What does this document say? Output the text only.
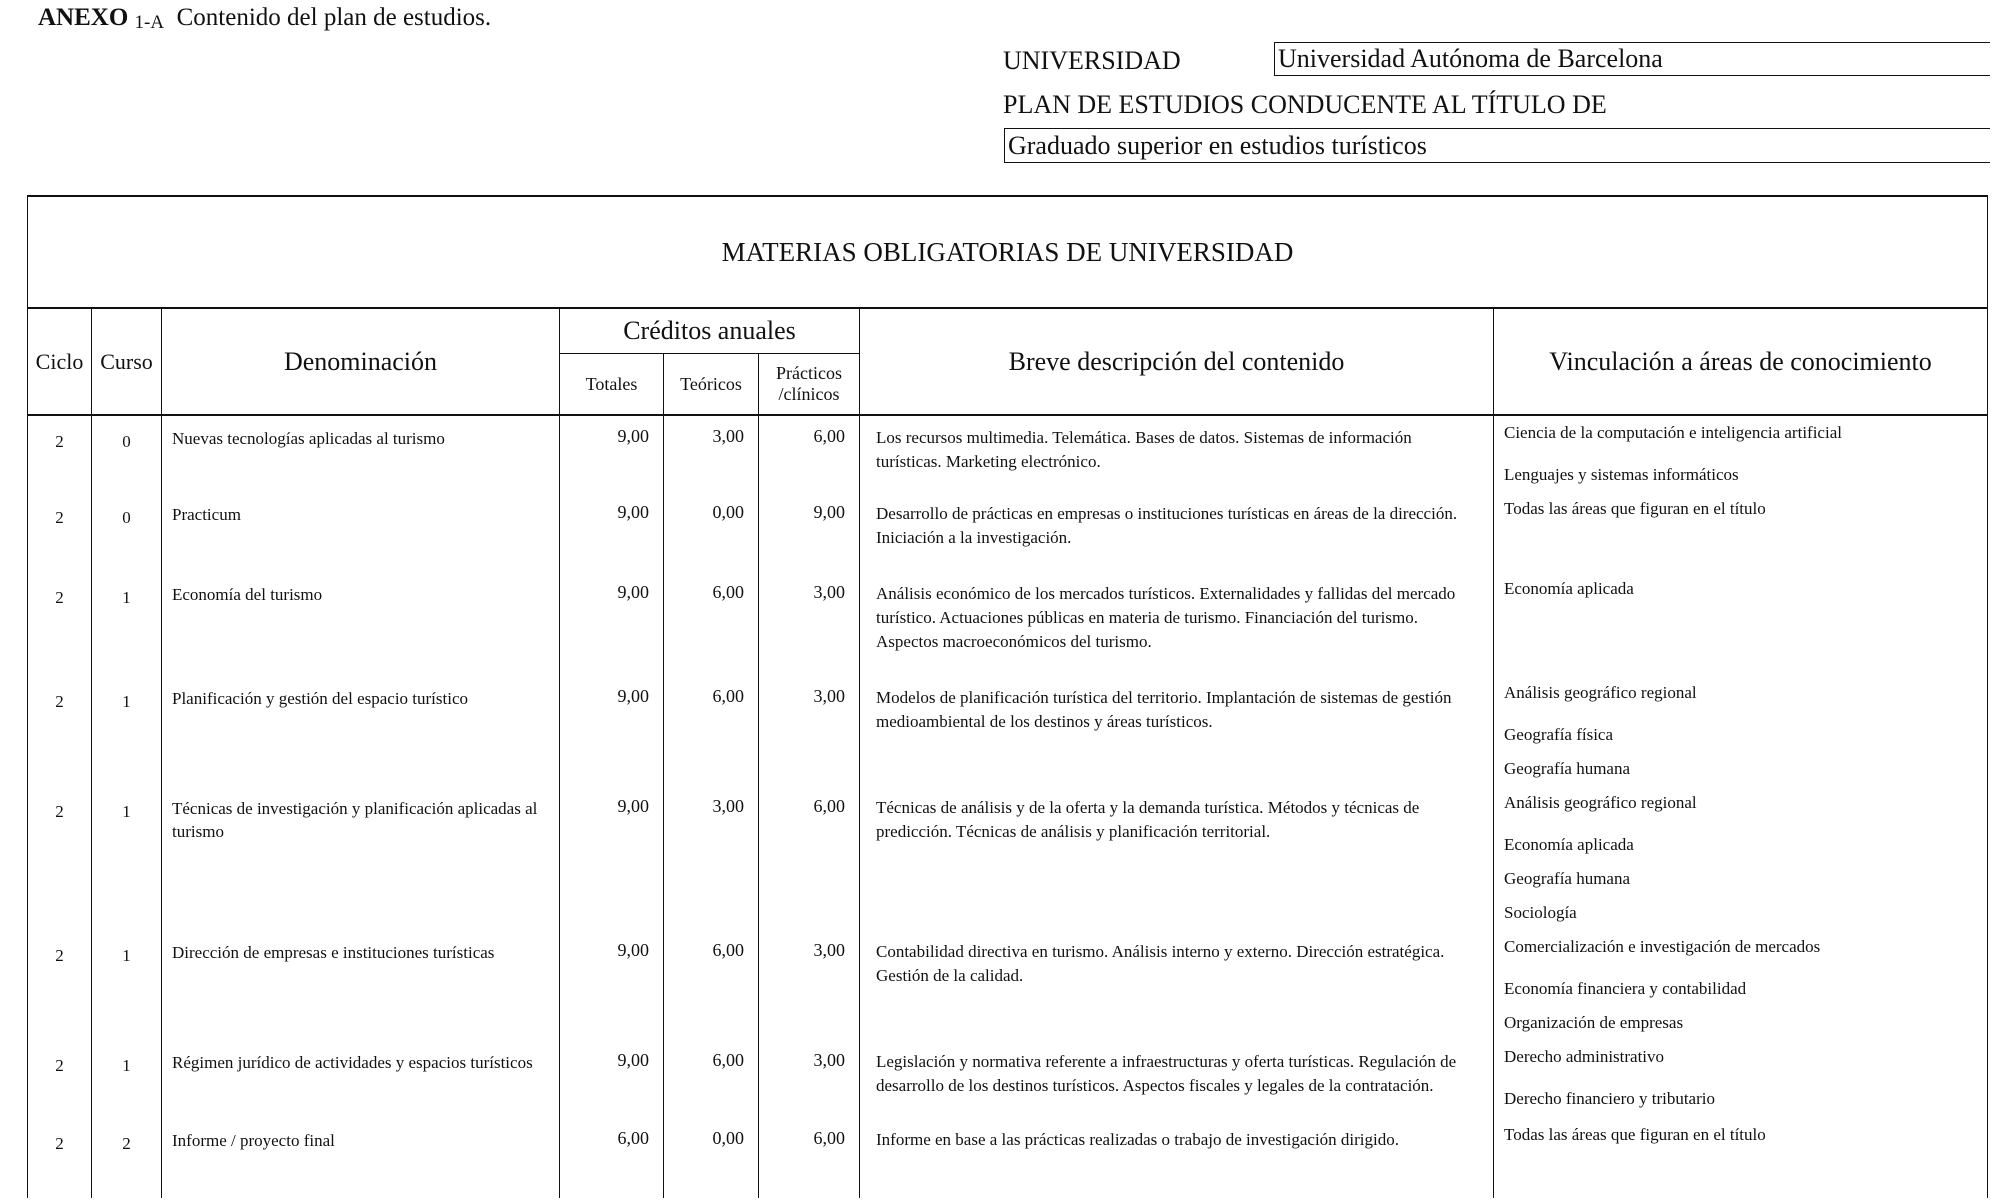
ANEXO $_{1-A}$ Contenido del plan de estudios.
UNIVERSIDAD	Universidad Autónoma de Barcelona
PLAN DE ESTUDIOS CONDUCENTE AL TÍTULO DE
Graduado superior en estudios turísticos
MATERIAS OBLIGATORIAS DE UNIVERSIDAD							
Ciclo	Curso	Denominación	Créditos anuales			Breve descripción del contenido	Vinculación a áreas de conocimiento
			Totales	Teóricos	Prácticos /clínicos		
2	0	Nuevas tecnologías aplicadas al turismo	9,00	3,00	6,00	Los recursos multimedia. Telemática. Bases de datos. Sistemas de información turísticas. Marketing electrónico.	Ciencia de la computación e inteligencia artificial
Lenguajes y sistemas informáticos

2	0	Practicum	9,00	0,00	9,00	Desarrollo de prácticas en empresas o instituciones turísticas en áreas de la dirección. Iniciación a la investigación.	Todas las áreas que figuran en el título

2	1	Economía del turismo	9,00	6,00	3,00	Análisis económico de los mercados turísticos. Externalidades y fallidas del mercado turístico. Actuaciones públicas en materia de turismo. Financiación del turismo. Aspectos macroeconómicos del turismo.	Economía aplicada

2	1	Planificación y gestión del espacio turístico	9,00	6,00	3,00	Modelos de planificación turística del territorio. Implantación de sistemas de gestión medioambiental de los destinos y áreas turísticos.	Análisis geográfico regional
Geografía física
Geografía humana

2	1	Técnicas de investigación y planificación aplicadas al turismo	9,00	3,00	6,00	Técnicas de análisis y de la oferta y la demanda turística. Métodos y técnicas de predicción. Técnicas de análisis y planificación territorial.	Análisis geográfico regional
Economía aplicada
Geografía humana
Sociología

2	1	Dirección de empresas e instituciones turísticas	9,00	6,00	3,00	Contabilidad directiva en turismo. Análisis interno y externo. Dirección estratégica. Gestión de la calidad.	Comercialización e investigación de mercados
Economía financiera y contabilidad
Organización de empresas

2	1	Régimen jurídico de actividades y espacios turísticos	9,00	6,00	3,00	Legislación y normativa referente a infraestructuras y oferta turísticas. Regulación de desarrollo de los destinos turísticos. Aspectos fiscales y legales de la contratación.	Derecho administrativo
Derecho financiero y tributario

2	2	Informe / proyecto final	6,00	0,00	6,00	Informe en base a las prácticas realizadas o trabajo de investigación dirigido.	Todas las áreas que figuran en el título
